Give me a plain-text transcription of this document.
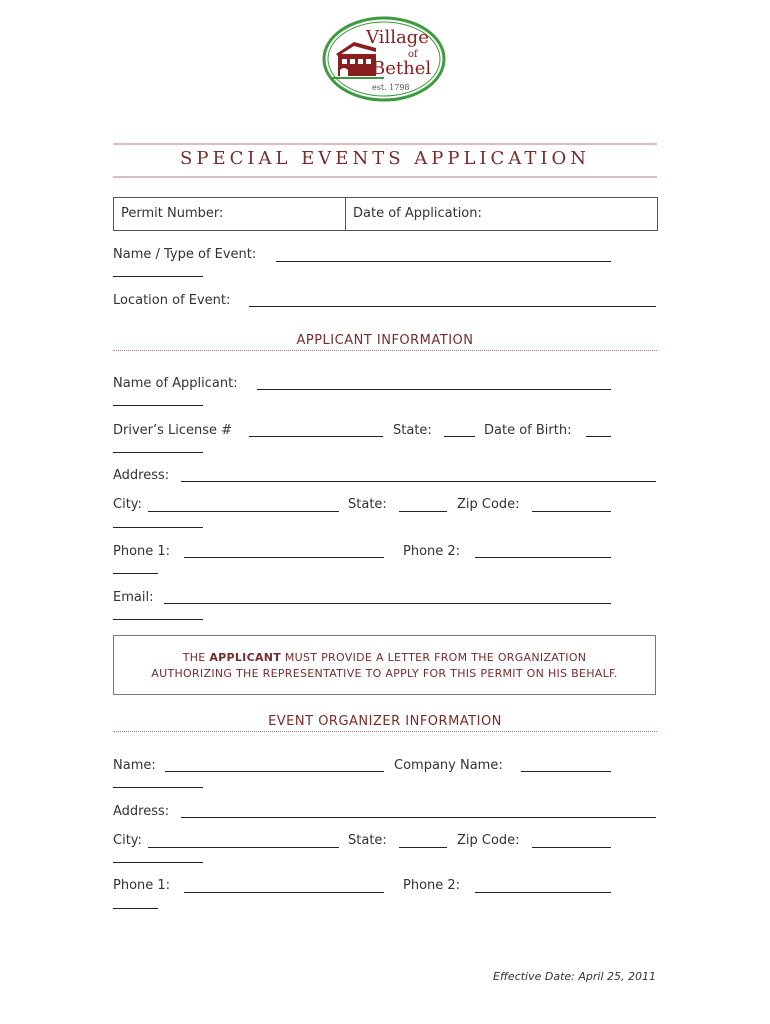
Village
of
Bethel
est. 1798
SPECIAL EVENTS APPLICATION
Permit Number:	Date of Application:
Name / Type of Event:
Location of Event:
APPLICANT INFORMATION
Name of Applicant:
Driver’s License #	State:	Date of Birth:
Address:
City:	State:	Zip Code:
Phone 1:	Phone 2:
Email:
THE APPLICANT MUST PROVIDE A LETTER FROM THE ORGANIZATION
AUTHORIZING THE REPRESENTATIVE TO APPLY FOR THIS PERMIT ON HIS BEHALF.
EVENT ORGANIZER INFORMATION
Name:	Company Name:
Address:
City:	State:	Zip Code:
Phone 1:	Phone 2:
Effective Date: April 25, 2011
